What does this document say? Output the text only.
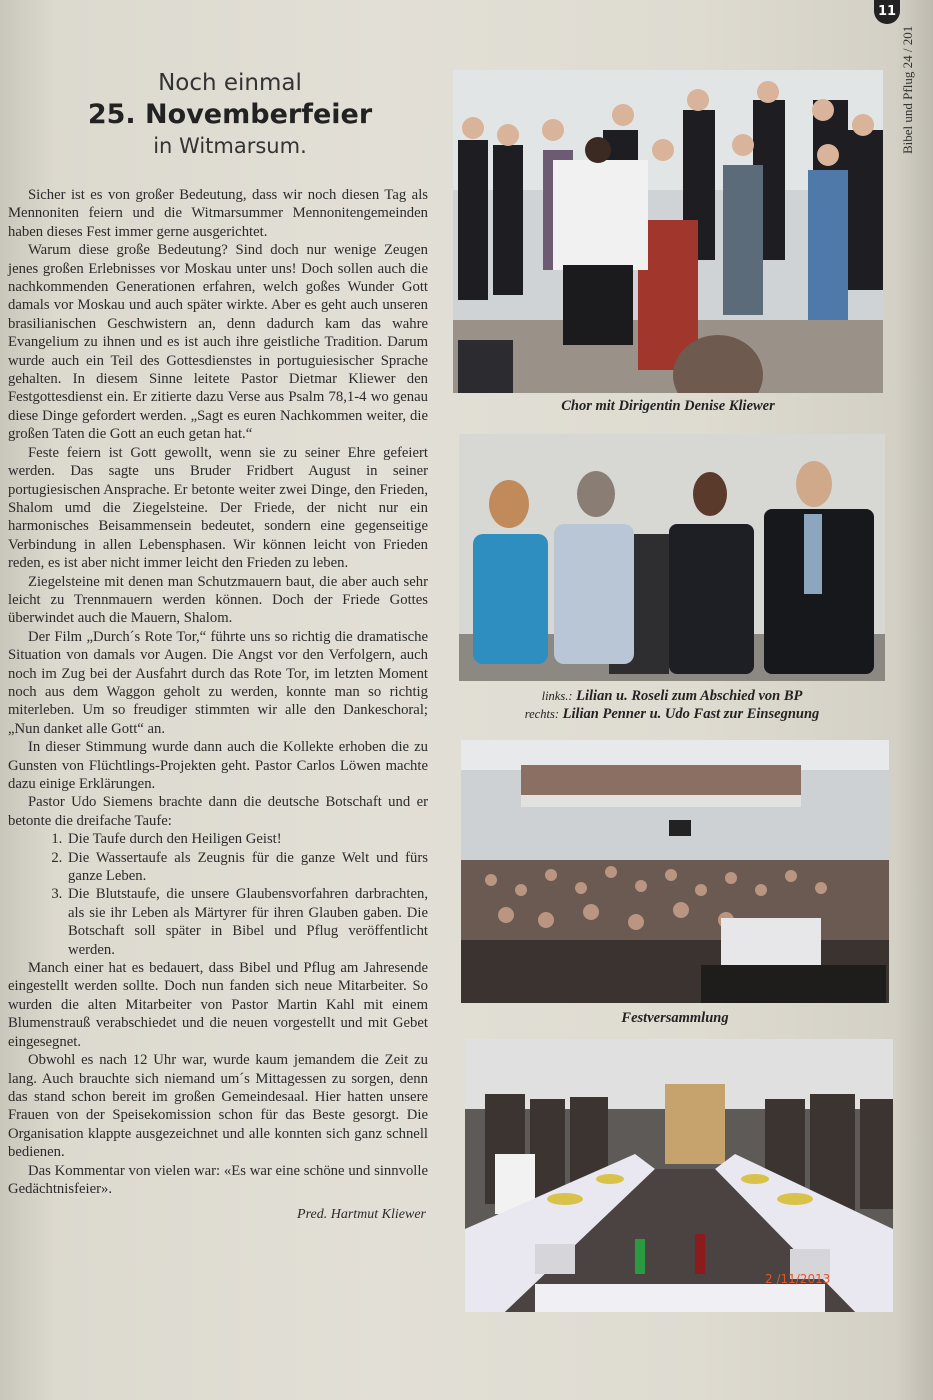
11
Bibel und Pflug 24 / 201
Noch einmal
25. Novemberfeier
in Witmarsum.

Sicher ist es von großer Bedeutung, dass wir noch diesen Tag als Mennoniten feiern und die Witmarsummer Mennonitengemeinden haben dieses Fest immer gerne ausgerichtet.

Warum diese große Bedeutung? Sind doch nur wenige Zeugen jenes großen Erlebnisses vor Moskau unter uns! Doch sollen auch die nachkommenden Generationen erfahren, welch goßes Wunder Gott damals vor Moskau und auch später wirkte. Aber es geht auch unseren brasilianischen Geschwistern an, denn dadurch kam das wahre Evangelium zu ihnen und es ist auch ihre geistliche Tradition. Darum wurde auch ein Teil des Gottesdienstes in portuguiesischer Sprache gehalten. In diesem Sinne leitete Pastor Dietmar Kliewer den Festgottesdienst ein. Er zitierte dazu Verse aus Psalm 78,1-4 wo genau diese Dinge gefordert werden. „Sagt es euren Nachkommen weiter, die großen Taten die Gott an euch getan hat.“

Feste feiern ist Gott gewollt, wenn sie zu seiner Ehre gefeiert werden. Das sagte uns Bruder Fridbert August in seiner portugiesischen Ansprache. Er betonte weiter zwei Dinge, den Frieden, Shalom umd die Ziegelsteine. Der Friede, der nicht nur ein harmonisches Beisammensein bedeutet, sondern eine gegenseitige Verbindung in allen Lebensphasen. Wir können leicht von Frieden reden, es ist aber nicht immer leicht den Frieden zu leben.

Ziegelsteine mit denen man Schutzmauern baut, die aber auch sehr leicht zu Trennmauern werden können. Doch der Friede Gottes überwindet auch die Mauern, Shalom.

Der Film „Durch´s Rote Tor,“ führte uns so richtig die dramatische Situation von damals vor Augen. Die Angst vor den Verfolgern, auch noch im Zug bei der Ausfahrt durch das Rote Tor, im letzten Moment noch aus dem Waggon geholt zu werden, konnte man so richtig miterleben. Um so freudiger stimmten wir alle den Dankeschoral; „Nun danket alle Gott“ an.

In dieser Stimmung wurde dann auch die Kollekte erhoben die zu Gunsten von Flüchtlings-Projekten geht. Pastor Carlos Löwen machte dazu einige Erklärungen.

Pastor Udo Siemens brachte dann die deutsche Botschaft und er betonte die dreifache Taufe:

1. Die Taufe durch den Heiligen Geist!
2. Die Wassertaufe als Zeugnis für die ganze Welt und fürs ganze Leben.
3. Die Blutstaufe, die unsere Glaubensvorfahren darbrachten, als sie ihr Leben als Märtyrer für ihren Glauben gaben. Die Botschaft soll später in Bibel und Pflug veröffentlicht werden.

Manch einer hat es bedauert, dass Bibel und Pflug am Jahresende eingestellt werden sollte. Doch nun fanden sich neue Mitarbeiter. So wurden die alten Mitarbeiter von Pastor Martin Kahl mit einem Blumenstrauß verabschiedet und die neuen vorgestellt und mit Gebet eingesegnet.

Obwohl es nach 12 Uhr war, wurde kaum jemandem die Zeit zu lang. Auch brauchte sich niemand um´s Mittagessen zu sorgen, denn das stand schon bereit im großen Gemeindesaal. Hier hatten unsere Frauen von der Speisekomission schon für das Beste gesorgt. Die Organisation klappte ausgezeichnet und alle konnten sich ganz schnell bedienen.

Das Kommentar von vielen war: «Es war eine schöne und sinnvolle Gedächtnisfeier».

Pred. Hartmut Kliewer
Chor mit Dirigentin Denise Kliewer
links.: Lilian u. Roseli zum Abschied von BP
rechts: Lilian Penner u. Udo Fast zur Einsegnung
Festversammlung
2 /11/2013
